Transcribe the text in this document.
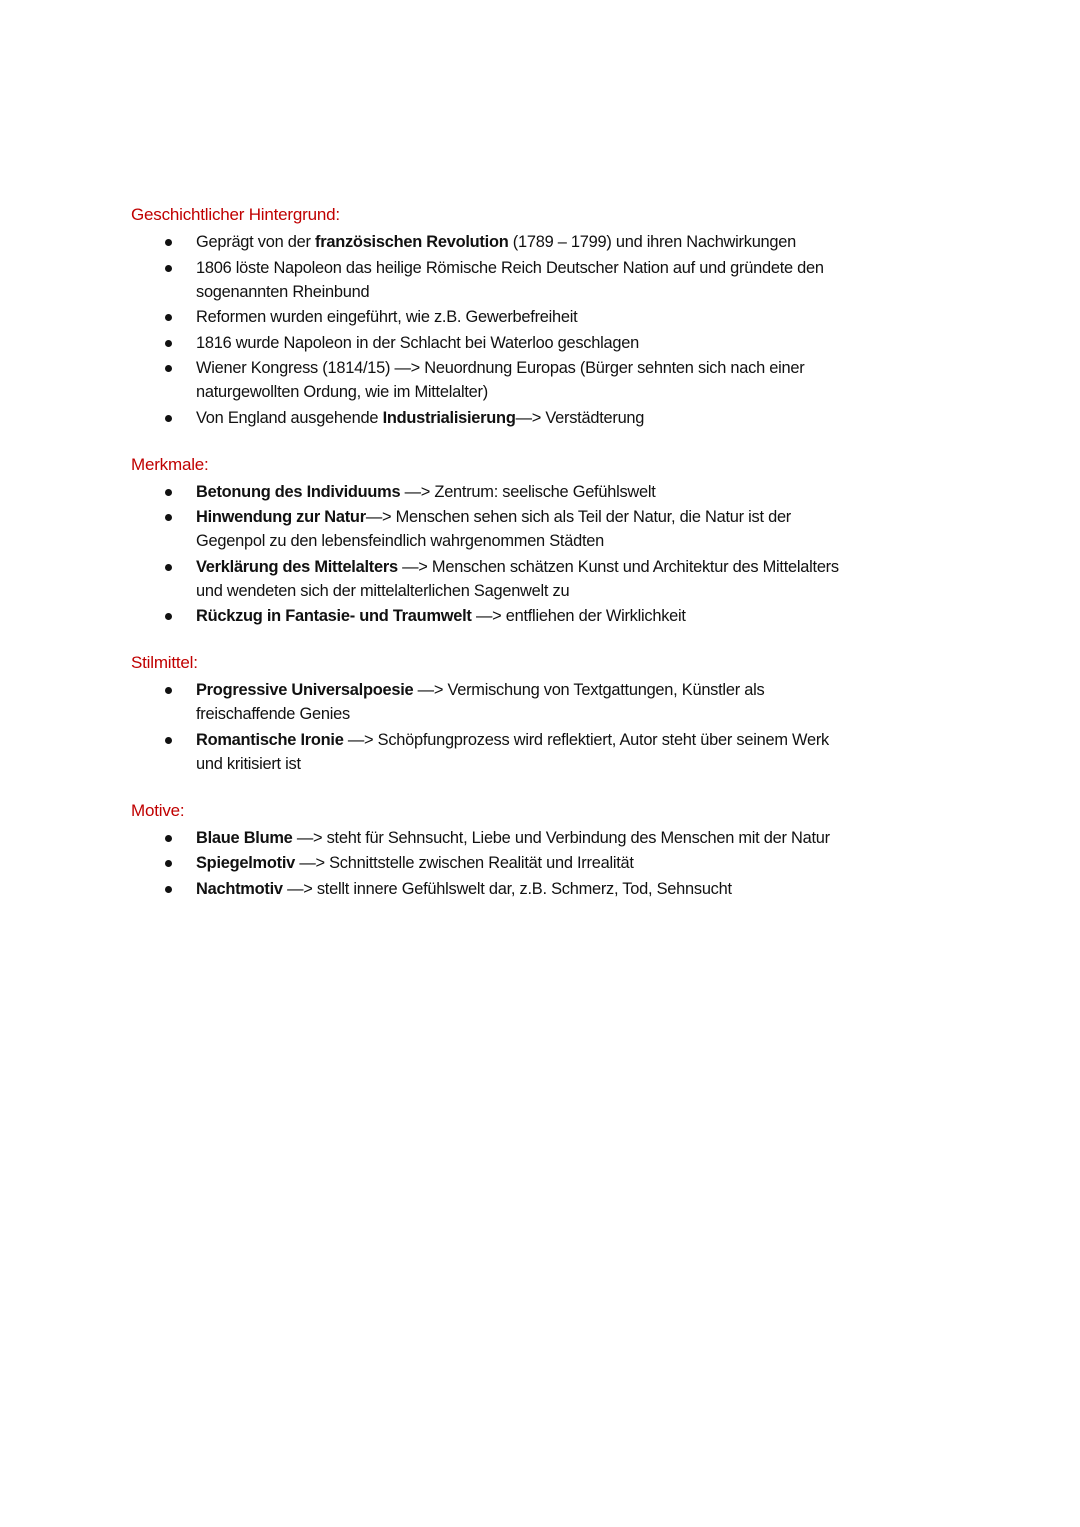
Geschichtlicher Hintergrund:
Geprägt von der französischen Revolution (1789 – 1799) und ihren Nachwirkungen
1806 löste Napoleon das heilige Römische Reich Deutscher Nation auf und gründete den
sogenannten Rheinbund
Reformen wurden eingeführt, wie z.B. Gewerbefreiheit
1816 wurde Napoleon in der Schlacht bei Waterloo geschlagen
Wiener Kongress (1814/15) —> Neuordnung Europas (Bürger sehnten sich nach einer
naturgewollten Ordung, wie im Mittelalter)
Von England ausgehende Industrialisierung—> Verstädterung
Merkmale:
Betonung des Individuums —> Zentrum: seelische Gefühlswelt
Hinwendung zur Natur—> Menschen sehen sich als Teil der Natur, die Natur ist der
Gegenpol zu den lebensfeindlich wahrgenommen Städten
Verklärung des Mittelalters —> Menschen schätzen Kunst und Architektur des Mittelalters
und wendeten sich der mittelalterlichen Sagenwelt zu
Rückzug in Fantasie- und Traumwelt —> entfliehen der Wirklichkeit
Stilmittel:
Progressive Universalpoesie —> Vermischung von Textgattungen, Künstler als
freischaffende Genies
Romantische Ironie —> Schöpfungprozess wird reflektiert, Autor steht über seinem Werk
und kritisiert ist
Motive:
Blaue Blume —> steht für Sehnsucht, Liebe und Verbindung des Menschen mit der Natur
Spiegelmotiv —> Schnittstelle zwischen Realität und Irrealität
Nachtmotiv —> stellt innere Gefühlswelt dar, z.B. Schmerz, Tod, Sehnsucht
